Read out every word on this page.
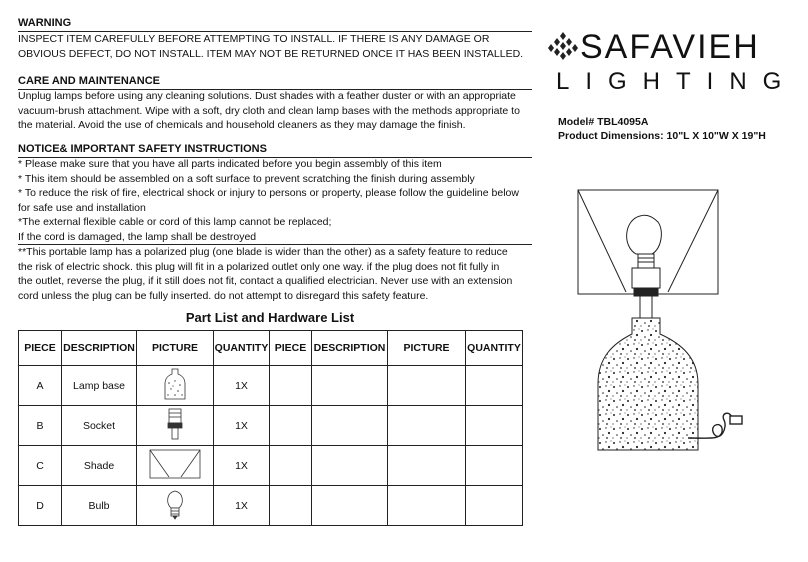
WARNING
INSPECT ITEM CAREFULLY BEFORE ATTEMPTING TO INSTALL. IF THERE IS ANY DAMAGE OR
OBVIOUS DEFECT, DO NOT INSTALL. ITEM MAY NOT BE RETURNED ONCE IT HAS BEEN INSTALLED.
CARE AND MAINTENANCE
Unplug lamps before using any cleaning solutions. Dust shades with a feather duster or with an appropriate
vacuum-brush attachment. Wipe with a soft, dry cloth and clean lamp bases with the methods appropriate to
the material. Avoid the use of chemicals and household cleaners as they may damage the finish.
NOTICE& IMPORTANT SAFETY INSTRUCTIONS
* Please make sure that you have all parts indicated before you begin assembly of this item
* This item should be assembled on a soft surface to prevent scratching the finish during assembly
* To reduce the risk of fire, electrical shock or injury to persons or property, please follow the guideline below
for safe use and installation
*The external flexible cable or cord of this lamp cannot be replaced;
If the cord is damaged, the lamp shall be destroyed
**This portable lamp has a polarized plug (one blade is wider than the other) as a safety feature to reduce
the risk of electric shock. this plug will fit in a polarized outlet only one way. if the plug does not fit fully in
the outlet, reverse the plug, if it still does not fit, contact a qualified electrician. Never use with an extension
cord unless the plug can be fully inserted. do not attempt to disregard this safety feature.
SAFAVIEH
LIGHTING
Model# TBL4095A
Product Dimensions: 10"L X 10"W X 19"H
Part List and Hardware List
PIECE	DESCRIPTION	PICTURE	QUANTITY	PIECE	DESCRIPTION	PICTURE	QUANTITY
A	Lamp base		1X				
B	Socket		1X				
C	Shade		1X				
D	Bulb		1X				
